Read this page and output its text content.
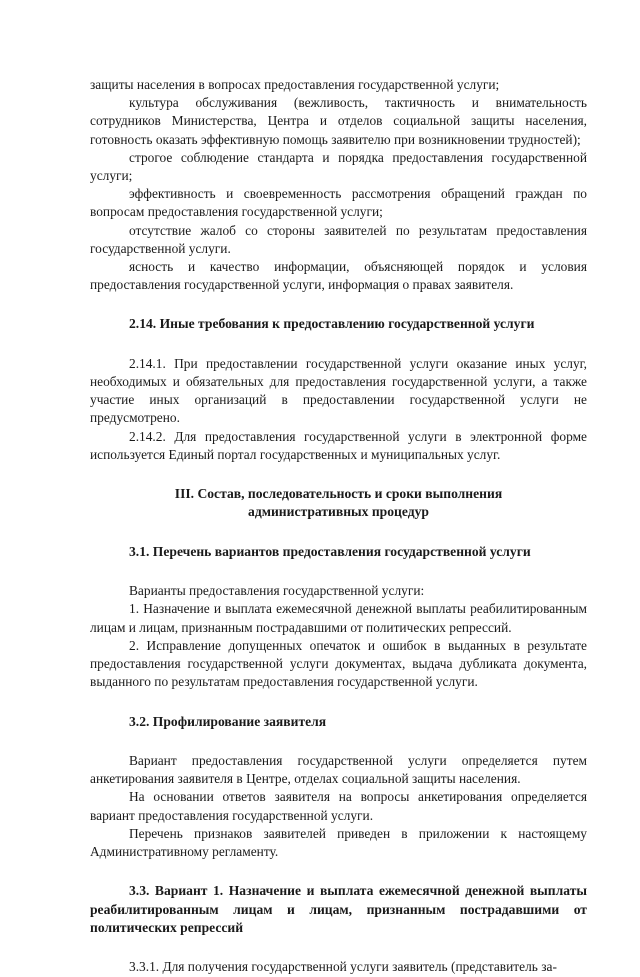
защиты населения в вопросах предоставления государственной услуги;

культура обслуживания (вежливость, тактичность и внимательность сотрудников Министерства, Центра и отделов социальной защиты населения, готовность оказать эффективную помощь заявителю при возникновении трудностей);

строгое соблюдение стандарта и порядка предоставления государственной услуги;

эффективность и своевременность рассмотрения обращений граждан по вопросам предоставления государственной услуги;

отсутствие жалоб со стороны заявителей по результатам предоставления государственной услуги.

ясность и качество информации, объясняющей порядок и условия предоставления государственной услуги, информация о правах заявителя.

2.14. Иные требования к предоставлению государственной услуги

2.14.1. При предоставлении государственной услуги оказание иных услуг, необходимых и обязательных для предоставления государственной услуги, а также участие иных организаций в предоставлении государственной услуги не предусмотрено.

2.14.2. Для предоставления государственной услуги в электронной форме используется Единый портал государственных и муниципальных услуг.

III. Состав, последовательность и сроки выполнения

административных процедур

3.1. Перечень вариантов предоставления государственной услуги

Варианты предоставления государственной услуги:

1. Назначение и выплата ежемесячной денежной выплаты реабилитированным лицам и лицам, признанным пострадавшими от политических репрессий.

2. Исправление допущенных опечаток и ошибок в выданных в результате предоставления государственной услуги документах, выдача дубликата документа, выданного по результатам предоставления государственной услуги.

3.2. Профилирование заявителя

Вариант предоставления государственной услуги определяется путем анкетирования заявителя в Центре, отделах социальной защиты населения.

На основании ответов заявителя на вопросы анкетирования определяется вариант предоставления государственной услуги.

Перечень признаков заявителей приведен в приложении к настоящему Административному регламенту.

3.3. Вариант 1. Назначение и выплата ежемесячной денежной выплаты реабилитированным лицам и лицам, признанным пострадавшими от политических репрессий

3.3.1. Для получения государственной услуги заявитель (представитель за-
